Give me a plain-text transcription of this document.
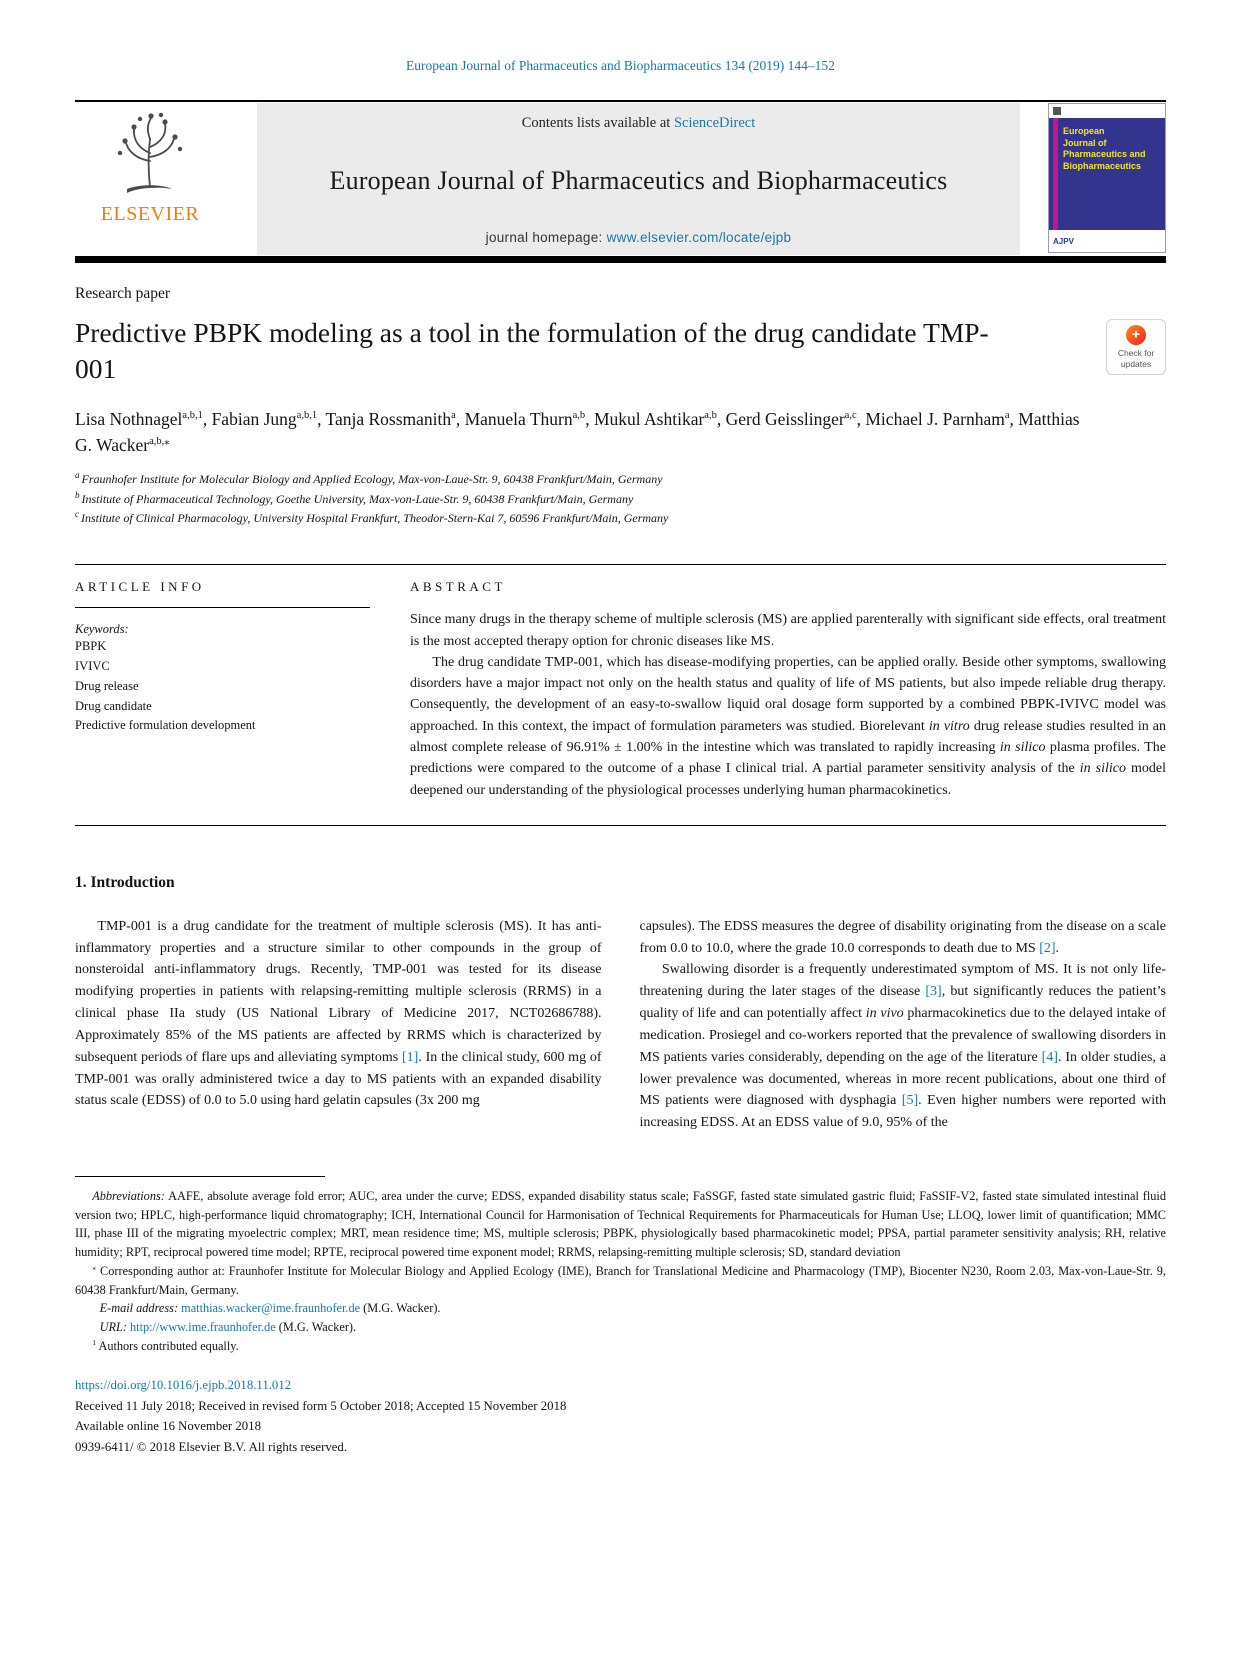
European Journal of Pharmaceutics and Biopharmaceutics 134 (2019) 144–152
ELSEVIER
Contents lists available at ScienceDirect
European Journal of Pharmaceutics and Biopharmaceutics
journal homepage: www.elsevier.com/locate/ejpb
European
Journal of
Pharmaceutics and
Biopharmaceutics
AJPV
Research paper
Predictive PBPK modeling as a tool in the formulation of the drug candidate TMP-001
+
Check for
updates
Lisa Nothnagel$^{a,b,1}$, Fabian Jung$^{a,b,1}$, Tanja Rossmanith$^a$, Manuela Thurn$^{a,b}$, Mukul Ashtikar$^{a,b}$, Gerd Geisslinger$^{a,c}$, Michael J. Parnham$^a$, Matthias G. Wacker$^{a,b,⁎}$
$^a$ Fraunhofer Institute for Molecular Biology and Applied Ecology, Max-von-Laue-Str. 9, 60438 Frankfurt/Main, Germany
$^b$ Institute of Pharmaceutical Technology, Goethe University, Max-von-Laue-Str. 9, 60438 Frankfurt/Main, Germany
$^c$ Institute of Clinical Pharmacology, University Hospital Frankfurt, Theodor-Stern-Kai 7, 60596 Frankfurt/Main, Germany
ARTICLE INFO
Keywords:
PBPK
IVIVC
Drug release
Drug candidate
Predictive formulation development
ABSTRACT

Since many drugs in the therapy scheme of multiple sclerosis (MS) are applied parenterally with significant side effects, oral treatment is the most accepted therapy option for chronic diseases like MS.

The drug candidate TMP-001, which has disease-modifying properties, can be applied orally. Beside other symptoms, swallowing disorders have a major impact not only on the health status and quality of life of MS patients, but also impede reliable drug therapy. Consequently, the development of an easy-to-swallow liquid oral dosage form supported by a combined PBPK-IVIVC model was approached. In this context, the impact of formulation parameters was studied. Biorelevant in vitro drug release studies resulted in an almost complete release of 96.91% ± 1.00% in the intestine which was translated to rapidly increasing in silico plasma profiles. The predictions were compared to the outcome of a phase I clinical trial. A partial parameter sensitivity analysis of the in silico model deepened our understanding of the physiological processes underlying human pharmacokinetics.

1. Introduction

TMP-001 is a drug candidate for the treatment of multiple sclerosis (MS). It has anti-inflammatory properties and a structure similar to other compounds in the group of nonsteroidal anti-inflammatory drugs. Recently, TMP-001 was tested for its disease modifying properties in patients with relapsing-remitting multiple sclerosis (RRMS) in a clinical phase IIa study (US National Library of Medicine 2017, NCT02686788). Approximately 85% of the MS patients are affected by RRMS which is characterized by subsequent periods of flare ups and alleviating symptoms [1]. In the clinical study, 600 mg of TMP-001 was orally administered twice a day to MS patients with an expanded disability status scale (EDSS) of 0.0 to 5.0 using hard gelatin capsules (3x 200 mg

capsules). The EDSS measures the degree of disability originating from the disease on a scale from 0.0 to 10.0, where the grade 10.0 corresponds to death due to MS [2].

Swallowing disorder is a frequently underestimated symptom of MS. It is not only life-threatening during the later stages of the disease [3], but significantly reduces the patient’s quality of life and can potentially affect in vivo pharmacokinetics due to the delayed intake of medication. Prosiegel and co-workers reported that the prevalence of swallowing disorders in MS patients varies considerably, depending on the age of the literature [4]. In older studies, a lower prevalence was documented, whereas in more recent publications, about one third of MS patients were diagnosed with dysphagia [5]. Even higher numbers were reported with increasing EDSS. At an EDSS value of 9.0, 95% of the

Abbreviations: AAFE, absolute average fold error; AUC, area under the curve; EDSS, expanded disability status scale; FaSSGF, fasted state simulated gastric fluid; FaSSIF-V2, fasted state simulated intestinal fluid version two; HPLC, high-performance liquid chromatography; ICH, International Council for Harmonisation of Technical Requirements for Pharmaceuticals for Human Use; LLOQ, lower limit of quantification; MMC III, phase III of the migrating myoelectric complex; MRT, mean residence time; MS, multiple sclerosis; PBPK, physiologically based pharmacokinetic model; PPSA, partial parameter sensitivity analysis; RH, relative humidity; RPT, reciprocal powered time model; RPTE, reciprocal powered time exponent model; RRMS, relapsing-remitting multiple sclerosis; SD, standard deviation

⁎ Corresponding author at: Fraunhofer Institute for Molecular Biology and Applied Ecology (IME), Branch for Translational Medicine and Pharmacology (TMP), Biocenter N230, Room 2.03, Max-von-Laue-Str. 9, 60438 Frankfurt/Main, Germany.

E-mail address: matthias.wacker@ime.fraunhofer.de (M.G. Wacker).

URL: http://www.ime.fraunhofer.de (M.G. Wacker).

$^1$ Authors contributed equally.

https://doi.org/10.1016/j.ejpb.2018.11.012
Received 11 July 2018; Received in revised form 5 October 2018; Accepted 15 November 2018
Available online 16 November 2018
0939-6411/ © 2018 Elsevier B.V. All rights reserved.
